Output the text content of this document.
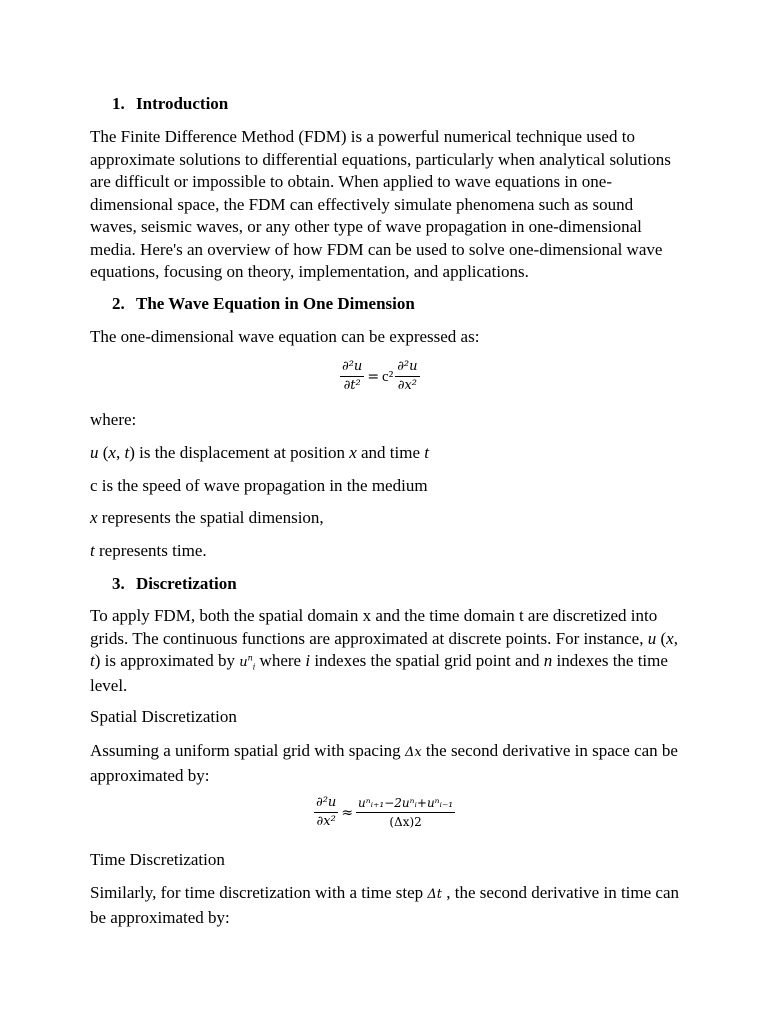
1. Introduction

The Finite Difference Method (FDM) is a powerful numerical technique used to approximate solutions to differential equations, particularly when analytical solutions are difficult or impossible to obtain. When applied to wave equations in one-dimensional space, the FDM can effectively simulate phenomena such as sound waves, seismic waves, or any other type of wave propagation in one-dimensional media. Here's an overview of how FDM can be used to solve one-dimensional wave equations, focusing on theory, implementation, and applications.

2. The Wave Equation in One Dimension

The one-dimensional wave equation can be expressed as:

$\frac{\text{∂²u}}{\text{∂t²}} = c^2 \frac{\text{∂²u}}{\text{∂x²}}$

where:

u (x, t) is the displacement at position x and time t

c is the speed of wave propagation in the medium

x represents the spatial dimension,

t represents time.

3. Discretization

To apply FDM, both the spatial domain x and the time domain t are discretized into grids. The continuous functions are approximated at discrete points. For instance, u (x, t) is approximated by $u^n_i$ where i indexes the spatial grid point and n indexes the time level.

Spatial Discretization

Assuming a uniform spatial grid with spacing Δx the second derivative in space can be approximated by:

$\frac{\text{∂²u}}{\text{∂x²}} \approx \frac{\text{uⁿᵢ₊₁−2uⁿᵢ+uⁿᵢ₋₁}}{(\Delta x)2}$

Time Discretization

Similarly, for time discretization with a time step Δt , the second derivative in time can be approximated by:
